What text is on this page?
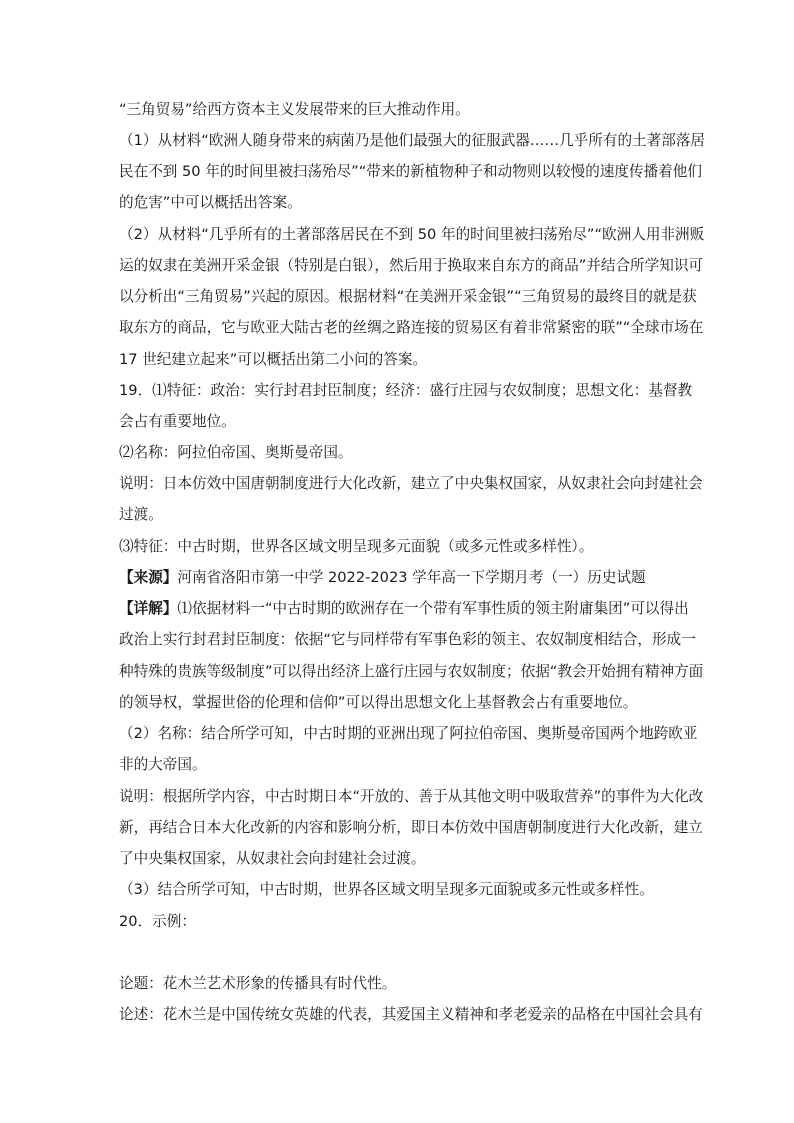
“三角贸易”给西方资本主义发展带来的巨大推动作用。
（1）从材料“欧洲人随身带来的病菌乃是他们最强大的征服武器……几乎所有的土著部落居
民在不到 50 年的时间里被扫荡殆尽”“带来的新植物种子和动物则以较慢的速度传播着他们
的危害”中可以概括出答案。
（2）从材料“几乎所有的土著部落居民在不到 50 年的时间里被扫荡殆尽”“欧洲人用非洲贩
运的奴隶在美洲开采金银（特别是白银），然后用于换取来自东方的商品”并结合所学知识可
以分析出“三角贸易”兴起的原因。根据材料“在美洲开采金银”“三角贸易的最终目的就是获
取东方的商品，它与欧亚大陆古老的丝绸之路连接的贸易区有着非常紧密的联”“全球市场在
17 世纪建立起来”可以概括出第二小问的答案。
19．⑴特征：政治：实行封君封臣制度；经济：盛行庄园与农奴制度；思想文化：基督教
会占有重要地位。
⑵名称：阿拉伯帝国、奥斯曼帝国。
说明：日本仿效中国唐朝制度进行大化改新，建立了中央集权国家，从奴隶社会向封建社会
过渡。
⑶特征：中古时期，世界各区域文明呈现多元面貌（或多元性或多样性）。
【来源】河南省洛阳市第一中学 2022-2023 学年高一下学期月考（一）历史试题
【详解】⑴依据材料一“中古时期的欧洲存在一个带有军事性质的领主附庸集团”可以得出
政治上实行封君封臣制度：依据“它与同样带有军事色彩的领主、农奴制度相结合，形成一
种特殊的贵族等级制度”可以得出经济上盛行庄园与农奴制度；依据“教会开始拥有精神方面
的领导权，掌握世俗的伦理和信仰”可以得出思想文化上基督教会占有重要地位。
（2）名称：结合所学可知，中古时期的亚洲出现了阿拉伯帝国、奥斯曼帝国两个地跨欧亚
非的大帝国。
说明：根据所学内容，中古时期日本“开放的、善于从其他文明中吸取营养”的事件为大化改
新，再结合日本大化改新的内容和影响分析，即日本仿效中国唐朝制度进行大化改新，建立
了中央集权国家，从奴隶社会向封建社会过渡。
（3）结合所学可知，中古时期，世界各区域文明呈现多元面貌或多元性或多样性。
20．示例：
论题：花木兰艺术形象的传播具有时代性。
论述：花木兰是中国传统女英雄的代表，其爱国主义精神和孝老爱亲的品格在中国社会具有
